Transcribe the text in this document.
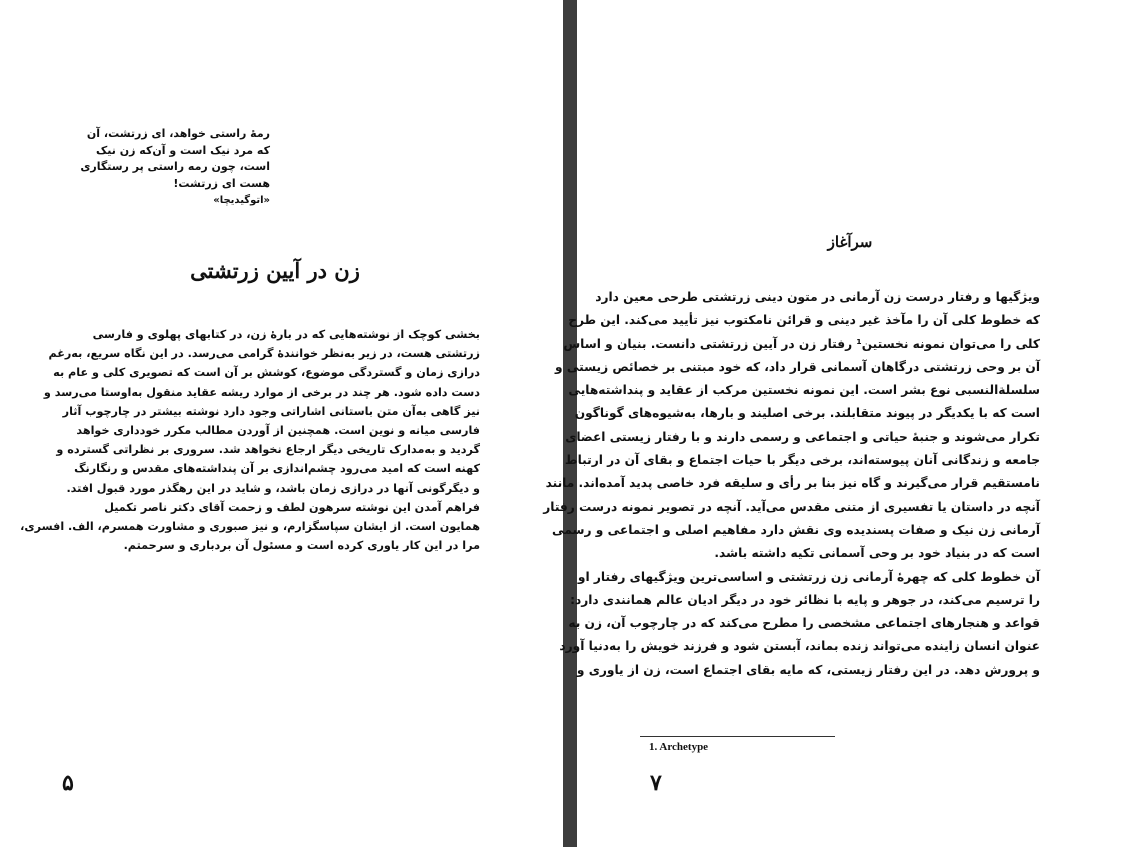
رمهٔ راستی خواهد، ای زرتشت، آن
که مرد نیک است و آن‌که زن نیک
است، چون رمه راستی پر رستگاری
هست ای زرتشت!
«اتوگیدیچا»
زن در آیین زرتشتی
بخشی کوچک از نوشته‌هایی که در بارهٔ زن، در کتابهای پهلوی و فارسی
زرتشتی هست، در زیر به‌نظر خوانندهٔ گرامی می‌رسد. در این نگاه سریع، به‌رغم
درازی زمان و گستردگی موضوع، کوشش بر آن است که تصویری کلی و عام به
دست داده شود. هر چند در برخی از موارد ریشه عقاید منقول به‌اوستا می‌رسد و
نیز گاهی به‌آن متن باستانی اشاراتی وجود دارد نوشته بیشتر در چارچوب آثار
فارسی میانه و نوین است. همچنین از آوردن مطالب مکرر خودداری خواهد
گردید و به‌مدارک تاریخی دیگر ارجاع نخواهد شد. سروری بر نظراتی گسترده و
کهنه است که امید می‌رود چشم‌اندازی بر آن پنداشته‌های مقدس و رنگارنگ
و دیگرگونی آنها در درازی زمان باشد، و شاید در این رهگذر مورد قبول افتد.
فراهم آمدن این نوشته سرهون لطف و زحمت آقای دکتر ناصر تکمیل‌
همایون است. از ایشان سپاسگزارم، و نیز صبوری و مشاورت همسرم، الف. افسری،
مرا در این کار یاوری کرده است و مسئول آن بردباری و سرحمتم.
۵
سرآغاز
ویژگیها و رفتار درست زن آرمانی در متون دینی زرتشتی طرحی معین دارد
که خطوط کلی آن را مآخذ غیر دینی و قرائن نامکتوب نیز تأیید می‌کند. این طرح
کلی را می‌توان نمونه نخستین¹ رفتار زن در آیین زرتشتی دانست. بنیان و اساس
آن بر وحی زرتشتی درگاهان آسمانی قرار داد، که خود مبتنی بر خصائص زیستی و
سلسلةالنسبی نوع بشر است. این نمونه نخستین مرکب از عقاید و پنداشته‌هایی
است که با یکدیگر در پیوند متقابلند. برخی اصلیند و بارها، به‌شیوه‌های گوناگون
تکرار می‌شوند و جنبهٔ حیاتی و اجتماعی و رسمی دارند و با رفتار زیستی اعضای
جامعه و زندگانی آنان پیوسته‌اند، برخی دیگر با حیات اجتماع و بقای آن در ارتباط
نامستقیم قرار می‌گیرند و گاه نیز بنا بر رأی و سلیقه فرد خاصی پدید آمده‌اند. مانند
آنچه در داستان یا تفسیری از متنی مقدس می‌آید. آنچه در تصویر نمونه درست رفتار
آرمانی زن نیک و صفات پسندیده وی نقش دارد مفاهیم اصلی و اجتماعی و رسمی
است که در بنیاد خود بر وحی آسمانی تکیه داشته باشد.
آن خطوط کلی که چهرهٔ آرمانی زن زرتشتی و اساسی‌ترین ویژگیهای رفتار او
را ترسیم می‌کند، در جوهر و پایه با نظائر خود در دیگر ادیان عالم همانندی دارد:
قواعد و هنجارهای اجتماعی مشخصی را مطرح می‌کند که در چارچوب آن، زن به
عنوان انسان زاینده می‌تواند زنده بماند، آبستن شود و فرزند خویش را به‌دنیا آورد
و پرورش دهد. در این رفتار زیستی، که مایه بقای اجتماع است، زن از یاوری و
1. Archetype
۷
